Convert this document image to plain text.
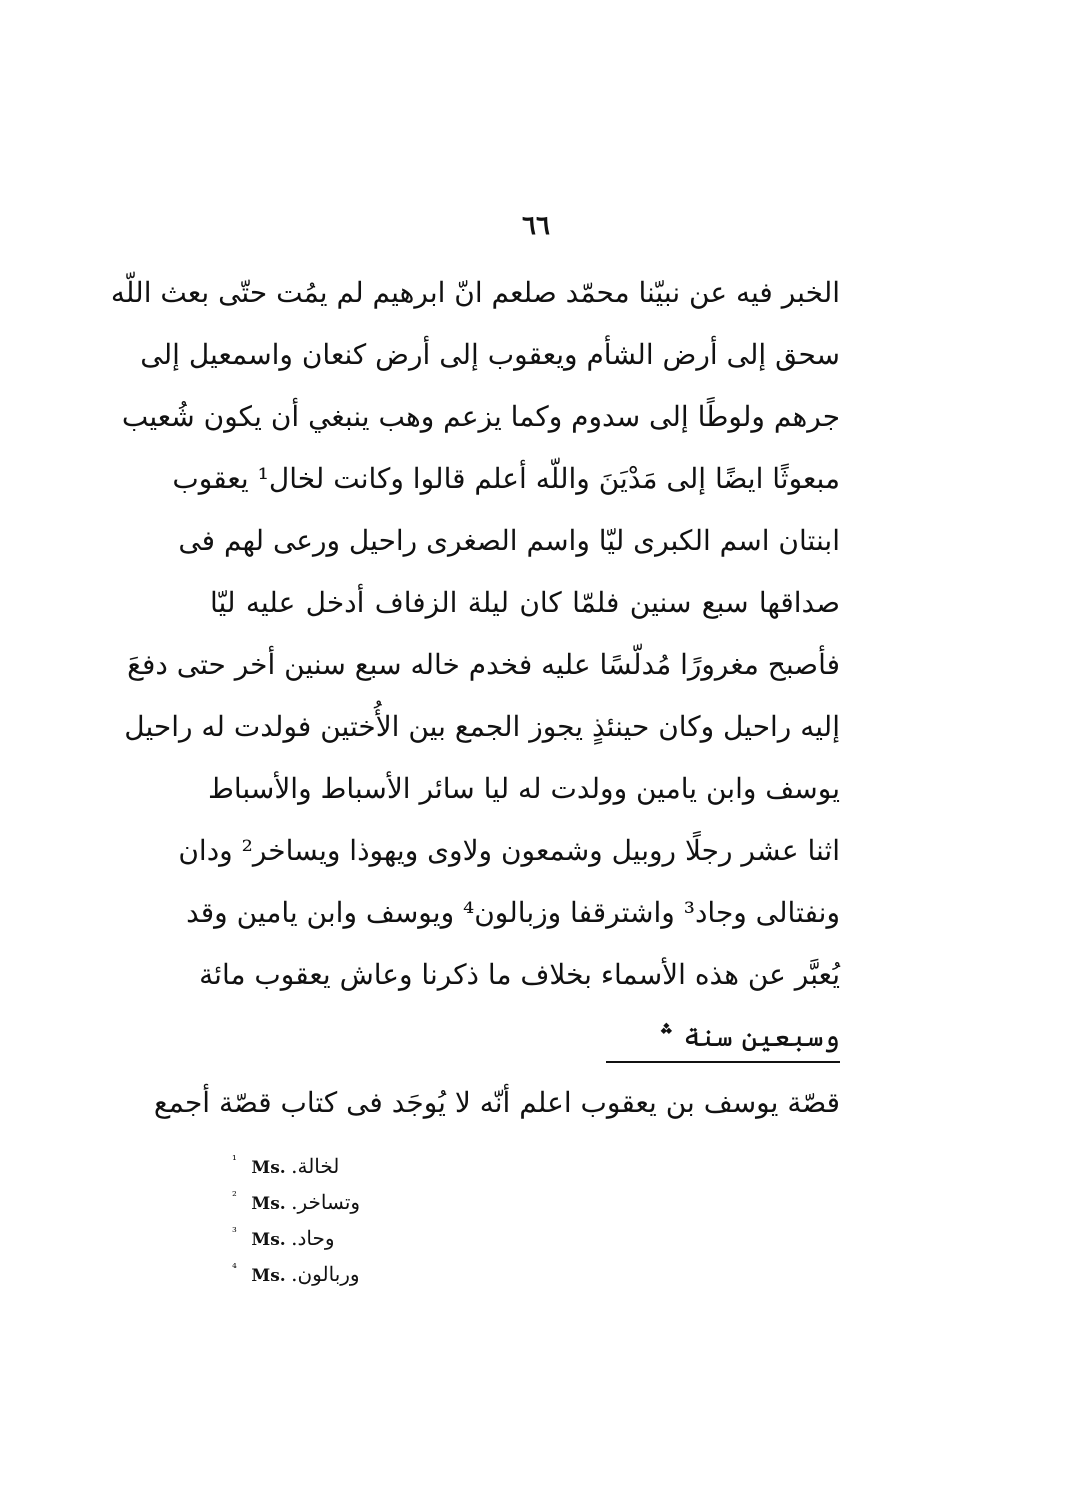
٦٦
الخبر فيه عن نبيّنا محمّد صلعم انّ ابرهيم لم يمُت حتّى بعث اللّه
سحق إلى أرض الشأم ويعقوب إلى أرض كنعان واسمعيل إلى
جرهم ولوطًا إلى سدوم وكما يزعم وهب ينبغي أن يكون شُعيب
مبعوثًا ايضًا إلى مَدْيَنَ واللّه أعلم قالوا وكانت لخال¹ يعقوب
ابنتان اسم الكبرى ليّا واسم الصغرى راحيل ورعى لهم فى
صداقها سبع سنين فلمّا كان ليلة الزفاف أدخل عليه ليّا
فأصبح مغرورًا مُدلّسًا عليه فخدم خاله سبع سنين أخر حتى دفعَ
إليه راحيل وكان حينئذٍ يجوز الجمع بين الأُختين فولدت له راحيل
يوسف وابن يامين وولدت له ليا سائر الأسباط والأسباط
اثنا عشر رجلًا روبيل وشمعون ولاوى ويهوذا ويساخر² ودان
ونفتالى وجاد³ واشترقفا وزبالون⁴ ويوسف وابن يامين وقد
يُعبَّر عن هذه الأسماء بخلاف ما ذكرنا وعاش يعقوب مائة
وسبعين سنة ؞
قصّة يوسف بن يعقوب اعلم أنّه لا يُوجَد فى كتاب قصّة أجمع
¹ Ms. لخالة.
² Ms. وتساخر.
³ Ms. وحاد.
⁴ Ms. وربالون.
